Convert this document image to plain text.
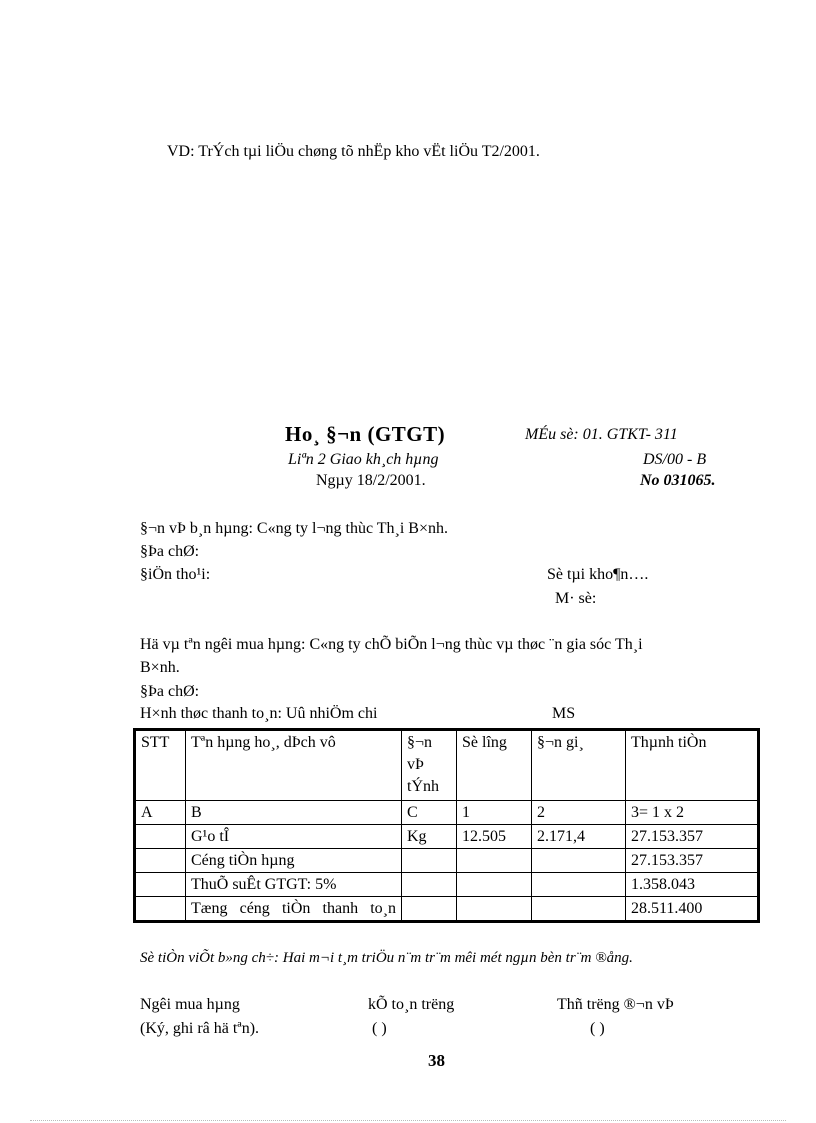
VD: TrÝch tµi liÖu chøng tõ nhËp kho vËt liÖu T2/2001.
Ho¸ §¬n (GTGT)	MÉu sè: 01. GTKT- 311
Liªn 2 Giao kh¸ch hµng	DS/00 - B
Ngµy 18/2/2001.	No 031065.
§¬n vÞ b¸n hµng: C«ng ty l¬ng thùc Th¸i B×nh.
§Þa chØ:
§iÖn tho¹i:	Sè tµi kho¶n….
M· sè:
Hä vµ tªn ngêi mua hµng: C«ng ty chÕ biÕn l¬ng thùc vµ thøc ¨n gia sóc Th¸i
B×nh.
§Þa chØ:
H×nh thøc thanh to¸n: Uû nhiÖm chi	MS
STT	Tªn hµng ho¸, dÞch vô	§¬n vÞ tÝnh	Sè lîng	§¬n gi¸	Thµnh tiÒn
A	B	C	1	2	3= 1 x 2
	G¹o tÎ	Kg	12.505	2.171,4	27.153.357
	Céng tiÒn hµng				27.153.357
	ThuÕ suÊt GTGT: 5%				1.358.043
	Tæng céng tiÒn thanh to¸n				28.511.400
Sè tiÒn viÕt b»ng ch÷: Hai m¬i t¸m triÖu n¨m tr¨m mêi mét ngµn bèn tr¨m ®ång.
Ngêi mua hµng
(Ký, ghi râ hä tªn).
kÕ to¸n trëng
( )
Thñ trëng ®¬n vÞ
( )
38
